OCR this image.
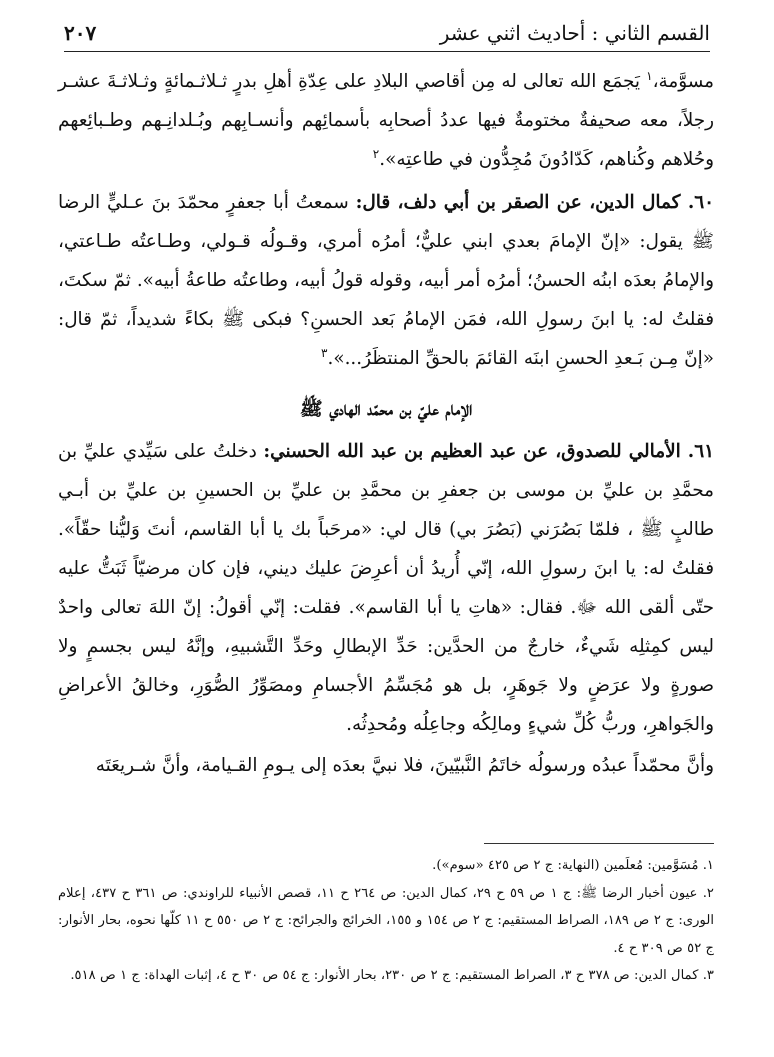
القسم الثاني : أحاديث اثني عشر
٢٠٧

مسوَّمة،$^١$ يَجمَع الله تعالى له مِن أقاصي البلادِ على عِدّةِ أهلِ بدرٍ ثـلاثـمائةٍ وثـلاثـةَ عشـر رجلاً، معه صحيفةٌ مختومةٌ فيها عددُ أصحابِه بأسمائِهم وأنسـابِهم وبُـلدانِـهم وطـبائِعهم وحُلاهم وكُناهم، كَدّادُونَ مُجِدُّون في طاعتِه».$^٢$

٦٠. كمال الدين، عن الصقر بن أبي دلف، قال: سمعتُ أبا جعفرٍ محمّدَ بنَ عـليٍّ الرضا ﷺ يقول: «إنّ الإمامَ بعدي ابني عليٌّ؛ أمرُه أمري، وقـولُه قـولي، وطـاعتُه طـاعتي، والإمامُ بعدَه ابنُه الحسنُ؛ أمرُه أمر أبيه، وقوله قولُ أبيه، وطاعتُه طاعةُ أبيه». ثمّ سكتَ، فقلتُ له: يا ابنَ رسولِ الله، فمَن الإمامُ بَعد الحسنِ؟ فبكى ﷺ بكاءً شديداً، ثمّ قال: «إنّ مِـن بَـعدِ الحسنِ ابنَه القائمَ بالحقِّ المنتظَرُ...».$^٣$

الإمام عليّ بن محمّد الهادي ﷺ

٦١. الأمالي للصدوق، عن عبد العظيم بن عبد الله الحسني: دخلتُ على سَيِّدي عليِّ بن محمَّدِ بن عليِّ بن موسى بن جعفرِ بن محمَّدِ بن عليِّ بن الحسينِ بن عليِّ بن أبـي طالبٍ ﷺ ، فلمّا بَصُرَني (بَصُرَ بي) قال لي: «مرحَباً بك يا أبا القاسم، أنتَ وَليُّنا حقّاً». فقلتُ له: يا ابنَ رسولِ الله، إنّي أُريدُ أن أعرِضَ عليك ديني، فإن كان مرضيّاً ثَبَتُّ عليه حتّى ألقى الله ﷻ. فقال: «هاتِ يا أبا القاسم». فقلت: إنّي أقولُ: إنّ اللهَ تعالى واحدٌ ليس كمِثلِه شَيءٌ، خارجٌ من الحدَّين: حَدِّ الإبطالِ وحَدِّ التَّشبيهِ، وإنَّهُ ليس بجسمٍ ولا صورةٍ ولا عرَضٍ ولا جَوهَرٍ، بل هو مُجَسِّمُ الأجسامِ ومصَوِّرُ الصُّوَرِ، وخالقُ الأعراضِ والجَواهرِ، وربُّ كُلِّ شيءٍ ومالِكُه وجاعِلُه ومُحدِثُه.

وأنَّ محمّداً عبدُه ورسولُه خاتَمُ النَّبيّينَ، فلا نبيَّ بعدَه إلى يـومِ القـيامة، وأنَّ شـريعَتَه

١. مُسَوَّمين: مُعلَمين (النهاية: ج ٢ ص ٤٢٥ «سوم»).

٢. عيون أخبار الرضا ﷺ: ج ١ ص ٥٩ ح ٢٩، كمال الدين: ص ٢٦٤ ح ١١، قصص الأنبياء للراوندي: ص ٣٦١ ح ٤٣٧، إعلام الورى: ج ٢ ص ١٨٩، الصراط المستقيم: ج ٢ ص ١٥٤ و ١٥٥، الخرائج والجرائح: ج ٢ ص ٥٥٠ ح ١١ كلّها نحوه، بحار الأنوار: ج ٥٢ ص ٣٠٩ ح ٤.

٣. كمال الدين: ص ٣٧٨ ح ٣، الصراط المستقيم: ج ٢ ص ٢٣٠، بحار الأنوار: ج ٥٤ ص ٣٠ ح ٤، إثبات الهداة: ج ١ ص ٥١٨.
